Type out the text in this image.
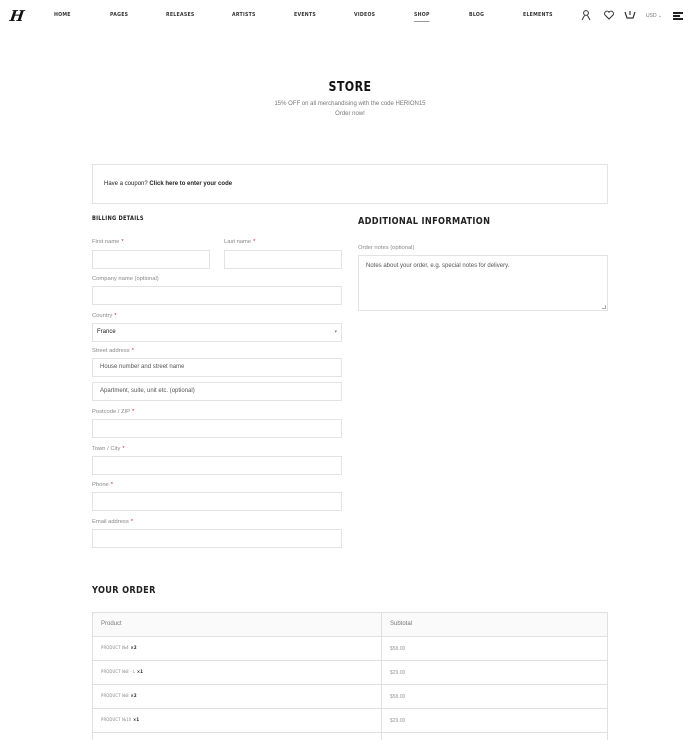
H	HOME	PAGES	RELEASES	ARTISTS	EVENTS	VIDEOS	SHOP	BLOG	ELEMENTS	USD ⌄
STORE
15% OFF on all merchandising with the code HERION15
Order now!
Have a coupon? Click here to enter your code
BILLING DETAILS
First name *	Last name *
Company name (optional)
Country *
France	▾
Street address *
House number and street name
Apartment, suite, unit etc. (optional)
Postcode / ZIP *
Town / City *
Phone *
Email address *
ADDITIONAL INFORMATION
Order notes (optional)
Notes about your order, e.g. special notes for delivery.
YOUR ORDER
Product	Subtotal
PRODUCT №4 ×2	$58.00
PRODUCT №8 - L ×1	$29.00
PRODUCT №8 ×2	$58.00
PRODUCT №10 ×1	$29.00
